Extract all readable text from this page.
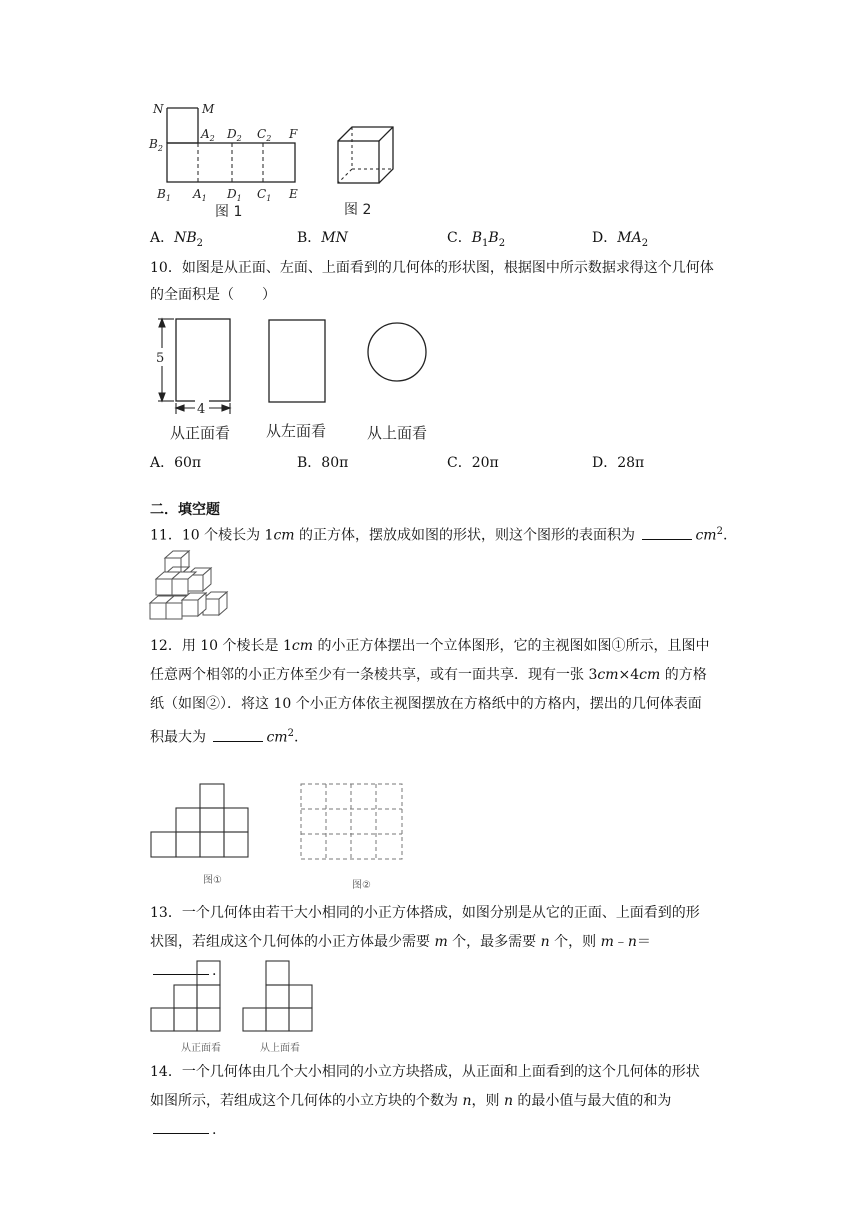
N	M
$B_2$
$A_2$ $D_2$ $C_2$ F
$B_1$ $A_1$ $D_1$ $C_1$ E
图 1	图 2
A．$NB_2$	B．MN	C．$B_1B_2$	D．$MA_2$
10．如图是从正面、左面、上面看到的几何体的形状图，根据图中所示数据求得这个几何体
的全面积是（　　）
5
4
从正面看 从左面看	从上面看
A．60π	B．80π	C．20π	D．28π
二．填空题
11．10 个棱长为 1cm 的正方体，摆放成如图的形状，则这个图形的表面积为	$cm^2$.
12．用 10 个棱长是 1cm 的小正方体摆出一个立体图形，它的主视图如图①所示，且图中任意两个相邻的小正方体至少有一条棱共享，或有一面共享．现有一张 3cm×4cm 的方格纸（如图②）．将这 10 个小正方体依主视图摆放在方格纸中的方格内，摆出的几何体表面积最大为	$cm^2$.
图①	图②
13．一个几何体由若干大小相同的小正方体搭成，如图分别是从它的正面、上面看到的形状图，若组成这个几何体的小正方体最少需要 m 个，最多需要 n 个，则 m﹣n＝.
从正面看	从上面看
14．一个几何体由几个大小相同的小立方块搭成，从正面和上面看到的这个几何体的形状如图所示，若组成这个几何体的小立方块的个数为 n，则 n 的最小值与最大值的和为 .
